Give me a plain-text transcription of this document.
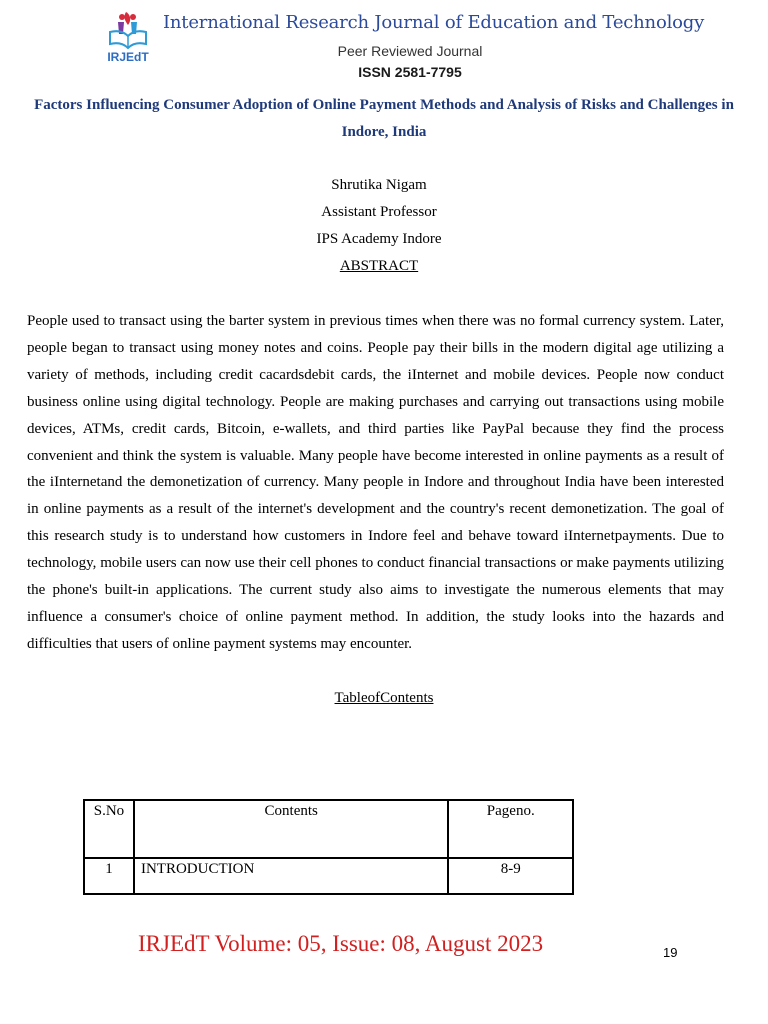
IRJEdT
International Research Journal of Education and Technology
Peer Reviewed Journal
ISSN 2581-7795
Factors Influencing Consumer Adoption of Online Payment Methods and Analysis of Risks and Challenges in Indore, India
Shrutika Nigam
Assistant Professor
IPS Academy Indore
ABSTRACT
People used to transact using the barter system in previous times when there was no formal currency system. Later, people began to transact using money notes and coins. People pay their bills in the modern digital age utilizing a variety of methods, including credit cacardsdebit cards, the iInternet and mobile devices. People now conduct business online using digital technology. People are making purchases and carrying out transactions using mobile devices, ATMs, credit cards, Bitcoin, e-wallets, and third parties like PayPal because they find the process convenient and think the system is valuable. Many people have become interested in online payments as a result of the iInternetand the demonetization of currency. Many people in Indore and throughout India have been interested in online payments as a result of the internet's development and the country's recent demonetization. The goal of this research study is to understand how customers in Indore feel and behave toward iInternetpayments. Due to technology, mobile users can now use their cell phones to conduct financial transactions or make payments utilizing the phone's built-in applications. The current study also aims to investigate the numerous elements that may influence a consumer's choice of online payment method. In addition, the study looks into the hazards and difficulties that users of online payment systems may encounter.
TableofContents
S.No	Contents	Pageno.
1	INTRODUCTION	8-9
IRJEdT Volume: 05, Issue: 08, August 2023	19
